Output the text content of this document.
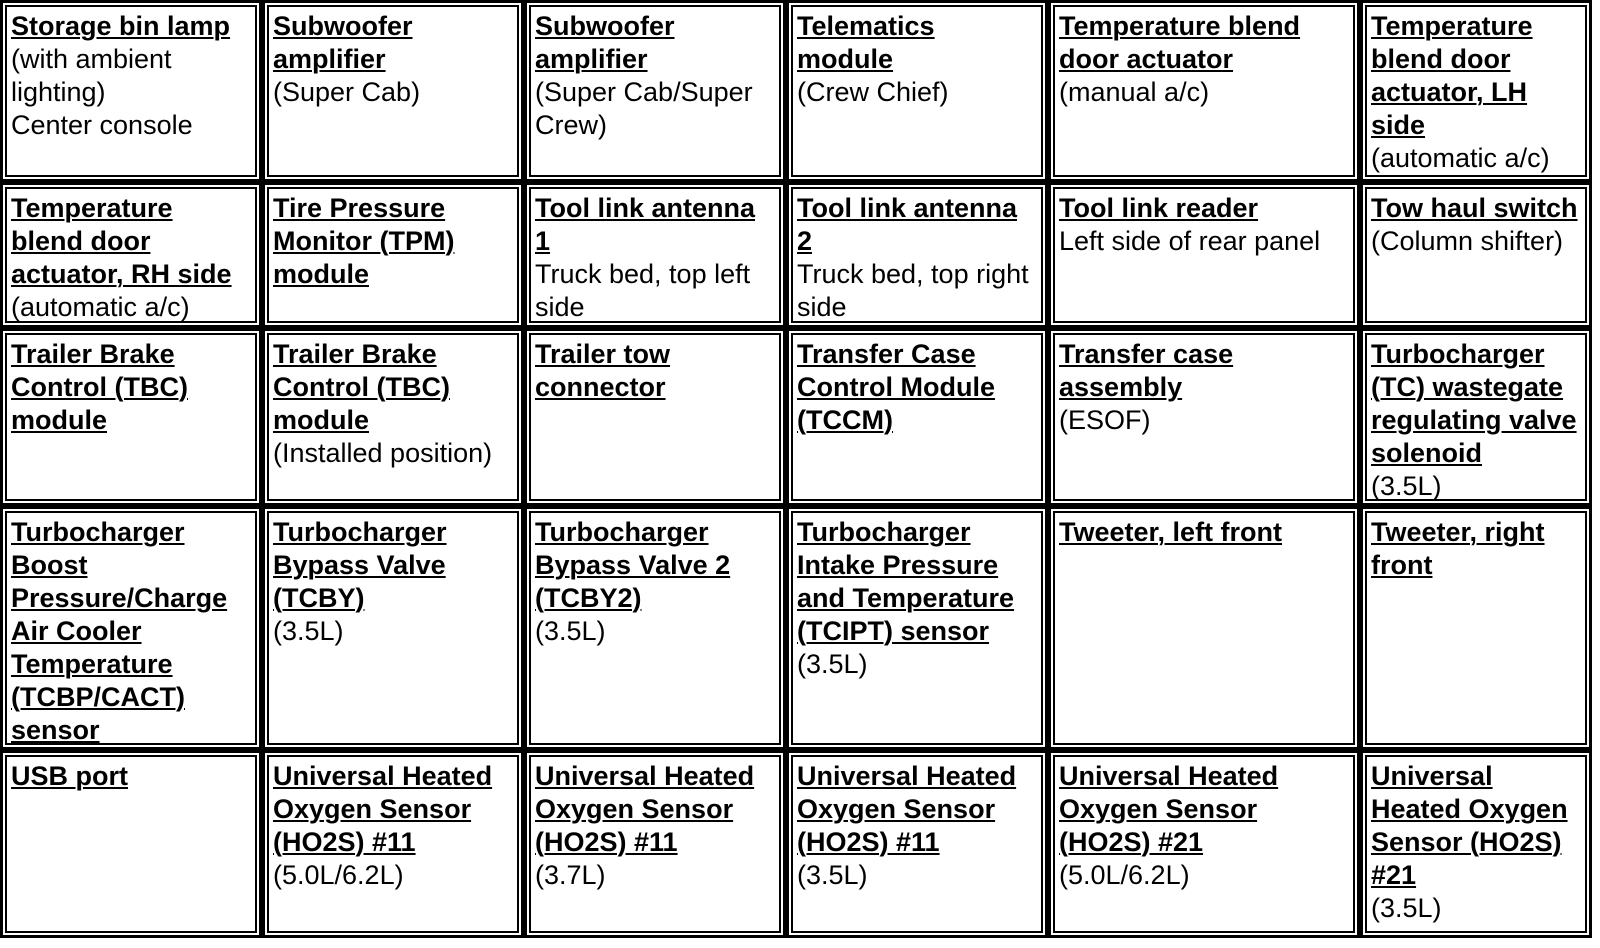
Storage bin lamp
(with ambient lighting)
Center console
Subwoofer amplifier
(Super Cab)
Subwoofer amplifier
(Super Cab/Super Crew)
Telematics module
(Crew Chief)
Temperature blend door actuator
(manual a/c)
Temperature blend door actuator, LH side
(automatic a/c)
Temperature blend door actuator, RH side
(automatic a/c)
Tire Pressure Monitor (TPM) module
Tool link antenna 1
Truck bed, top left side
Tool link antenna 2
Truck bed, top right side
Tool link reader
Left side of rear panel
Tow haul switch
(Column shifter)
Trailer Brake Control (TBC) module
Trailer Brake Control (TBC) module
(Installed position)
Trailer tow connector
Transfer Case Control Module (TCCM)
Transfer case assembly
(ESOF)
Turbocharger (TC) wastegate regulating valve solenoid
(3.5L)
Turbocharger Boost Pressure/Charge Air Cooler Temperature (TCBP/CACT) sensor
Turbocharger Bypass Valve (TCBY)
(3.5L)
Turbocharger Bypass Valve 2 (TCBY2)
(3.5L)
Turbocharger Intake Pressure and Temperature (TCIPT) sensor
(3.5L)
Tweeter, left front	Tweeter, right front
USB port	Universal Heated Oxygen Sensor (HO2S) #11
(5.0L/6.2L)
Universal Heated Oxygen Sensor (HO2S) #11
(3.7L)
Universal Heated Oxygen Sensor (HO2S) #11
(3.5L)
Universal Heated Oxygen Sensor (HO2S) #21
(5.0L/6.2L)
Universal Heated Oxygen Sensor (HO2S) #21
(3.5L)
